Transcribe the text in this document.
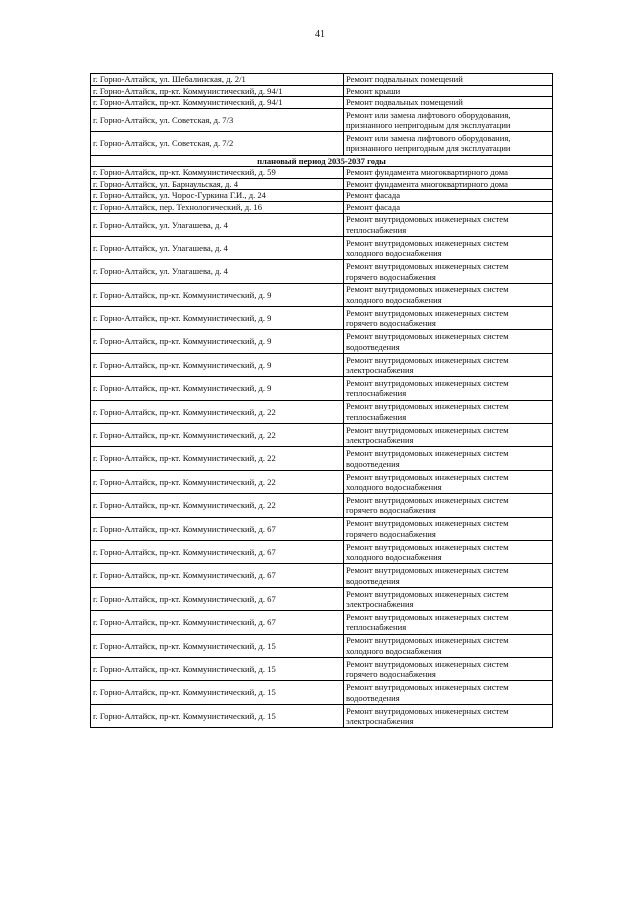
41
г. Горно-Алтайск, ул. Шебалинская, д. 2/1	Ремонт подвальных помещений
г. Горно-Алтайск, пр-кт. Коммунистический, д. 94/1	Ремонт крыши
г. Горно-Алтайск, пр-кт. Коммунистический, д. 94/1	Ремонт подвальных помещений
г. Горно-Алтайск, ул. Советская, д. 7/3	Ремонт или замена лифтового оборудования,
признанного непригодным для эксплуатации
г. Горно-Алтайск, ул. Советская, д. 7/2	Ремонт или замена лифтового оборудования,
признанного непригодным для эксплуатации
плановый период 2035-2037 годы	
г. Горно-Алтайск, пр-кт. Коммунистический, д. 59	Ремонт фундамента многоквартирного дома
г. Горно-Алтайск, ул. Барнаульская, д. 4	Ремонт фундамента многоквартирного дома
г. Горно-Алтайск, ул. Чорос-Гуркина Г.И., д. 24	Ремонт фасада
г. Горно-Алтайск, пер. Технологический, д. 16	Ремонт фасада
г. Горно-Алтайск, ул. Улагашева, д. 4	Ремонт внутридомовых инженерных систем
теплоснабжения
г. Горно-Алтайск, ул. Улагашева, д. 4	Ремонт внутридомовых инженерных систем
холодного водоснабжения
г. Горно-Алтайск, ул. Улагашева, д. 4	Ремонт внутридомовых инженерных систем
горячего водоснабжения
г. Горно-Алтайск, пр-кт. Коммунистический, д. 9	Ремонт внутридомовых инженерных систем
холодного водоснабжения
г. Горно-Алтайск, пр-кт. Коммунистический, д. 9	Ремонт внутридомовых инженерных систем
горячего водоснабжения
г. Горно-Алтайск, пр-кт. Коммунистический, д. 9	Ремонт внутридомовых инженерных систем
водоотведения
г. Горно-Алтайск, пр-кт. Коммунистический, д. 9	Ремонт внутридомовых инженерных систем
электроснабжения
г. Горно-Алтайск, пр-кт. Коммунистический, д. 9	Ремонт внутридомовых инженерных систем
теплоснабжения
г. Горно-Алтайск, пр-кт. Коммунистический, д. 22	Ремонт внутридомовых инженерных систем
теплоснабжения
г. Горно-Алтайск, пр-кт. Коммунистический, д. 22	Ремонт внутридомовых инженерных систем
электроснабжения
г. Горно-Алтайск, пр-кт. Коммунистический, д. 22	Ремонт внутридомовых инженерных систем
водоотведения
г. Горно-Алтайск, пр-кт. Коммунистический, д. 22	Ремонт внутридомовых инженерных систем
холодного водоснабжения
г. Горно-Алтайск, пр-кт. Коммунистический, д. 22	Ремонт внутридомовых инженерных систем
горячего водоснабжения
г. Горно-Алтайск, пр-кт. Коммунистический, д. 67	Ремонт внутридомовых инженерных систем
горячего водоснабжения
г. Горно-Алтайск, пр-кт. Коммунистический, д. 67	Ремонт внутридомовых инженерных систем
холодного водоснабжения
г. Горно-Алтайск, пр-кт. Коммунистический, д. 67	Ремонт внутридомовых инженерных систем
водоотведения
г. Горно-Алтайск, пр-кт. Коммунистический, д. 67	Ремонт внутридомовых инженерных систем
электроснабжения
г. Горно-Алтайск, пр-кт. Коммунистический, д. 67	Ремонт внутридомовых инженерных систем
теплоснабжения
г. Горно-Алтайск, пр-кт. Коммунистический, д. 15	Ремонт внутридомовых инженерных систем
холодного водоснабжения
г. Горно-Алтайск, пр-кт. Коммунистический, д. 15	Ремонт внутридомовых инженерных систем
горячего водоснабжения
г. Горно-Алтайск, пр-кт. Коммунистический, д. 15	Ремонт внутридомовых инженерных систем
водоотведения
г. Горно-Алтайск, пр-кт. Коммунистический, д. 15	Ремонт внутридомовых инженерных систем
электроснабжения
